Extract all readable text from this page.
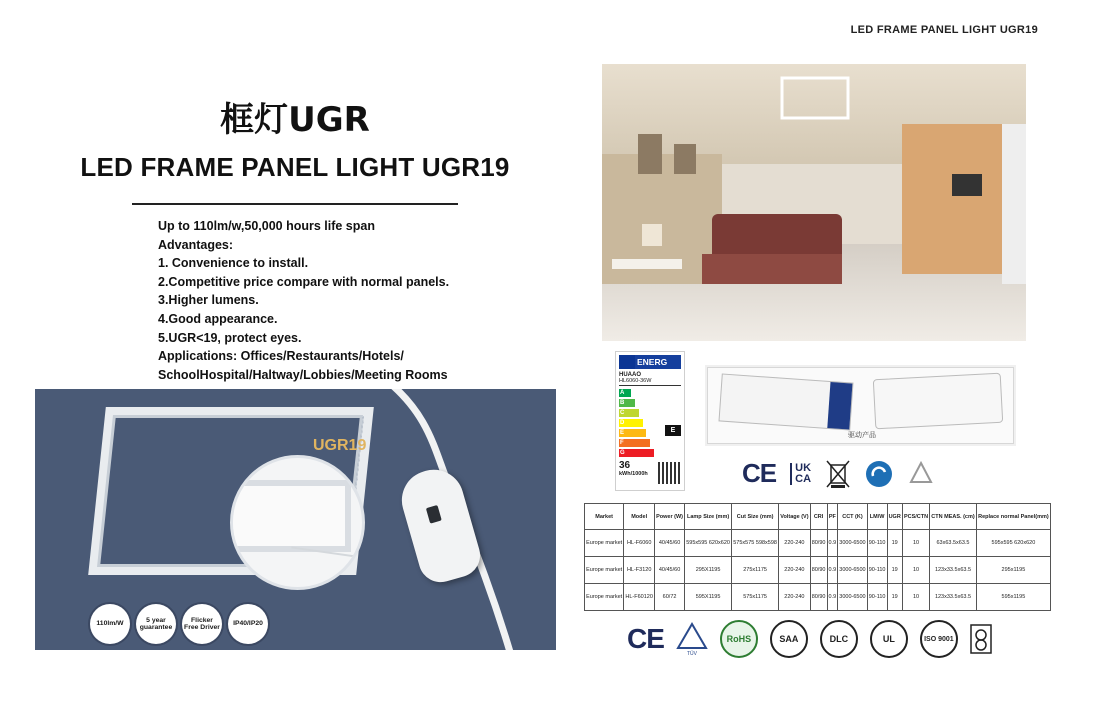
LED FRAME PANEL LIGHT UGR19
框灯UGR
LED FRAME PANEL LIGHT UGR19
Up to 110lm/w,50,000 hours life span
Advantages:
1. Convenience to install.
2.Competitive price compare with normal panels.
3.Higher lumens.
4.Good appearance.
5.UGR<19, protect eyes.
Applications: Offices/Restaurants/Hotels/
SchoolHospital/Haltway/Lobbies/Meeting Rooms
UGR19
110lm/W
5 year guarantee
Flicker Free Driver
IP40/IP20
ENERG
HUAAO
HL6060-36W
E
A
B
C
D
E
F
G
36
kWh/1000h
驱动产品
CE	UK
CA
Market	Model	Power (W)	Lamp Size (mm)	Cut Size (mm)	Voltage (V)	CRI	PF	CCT (K)	LM/W	UGR	PCS/CTN	CTN MEAS. (cm)	Replace normal Panel(mm)
Europe market	HL-F6060	40/45/60	595x595 620x620	575x575 598x598	220-240	80/90	0.9	3000-6500	90-110	19	10	63x63.5x63.5	595x595 620x620
Europe market	HL-F3120	40/45/60	295X1195	275x1175	220-240	80/90	0.9	3000-6500	90-110	19	10	123x33.5x63.5	295x1195
Europe market	HL-F60120	60/72	595X1195	575x1175	220-240	80/90	0.9	3000-6500	90-110	19	10	123x33.5x63.5	595x1195
CE	TÜV
RoHS	SAA	DLC	UL	ISO 9001
